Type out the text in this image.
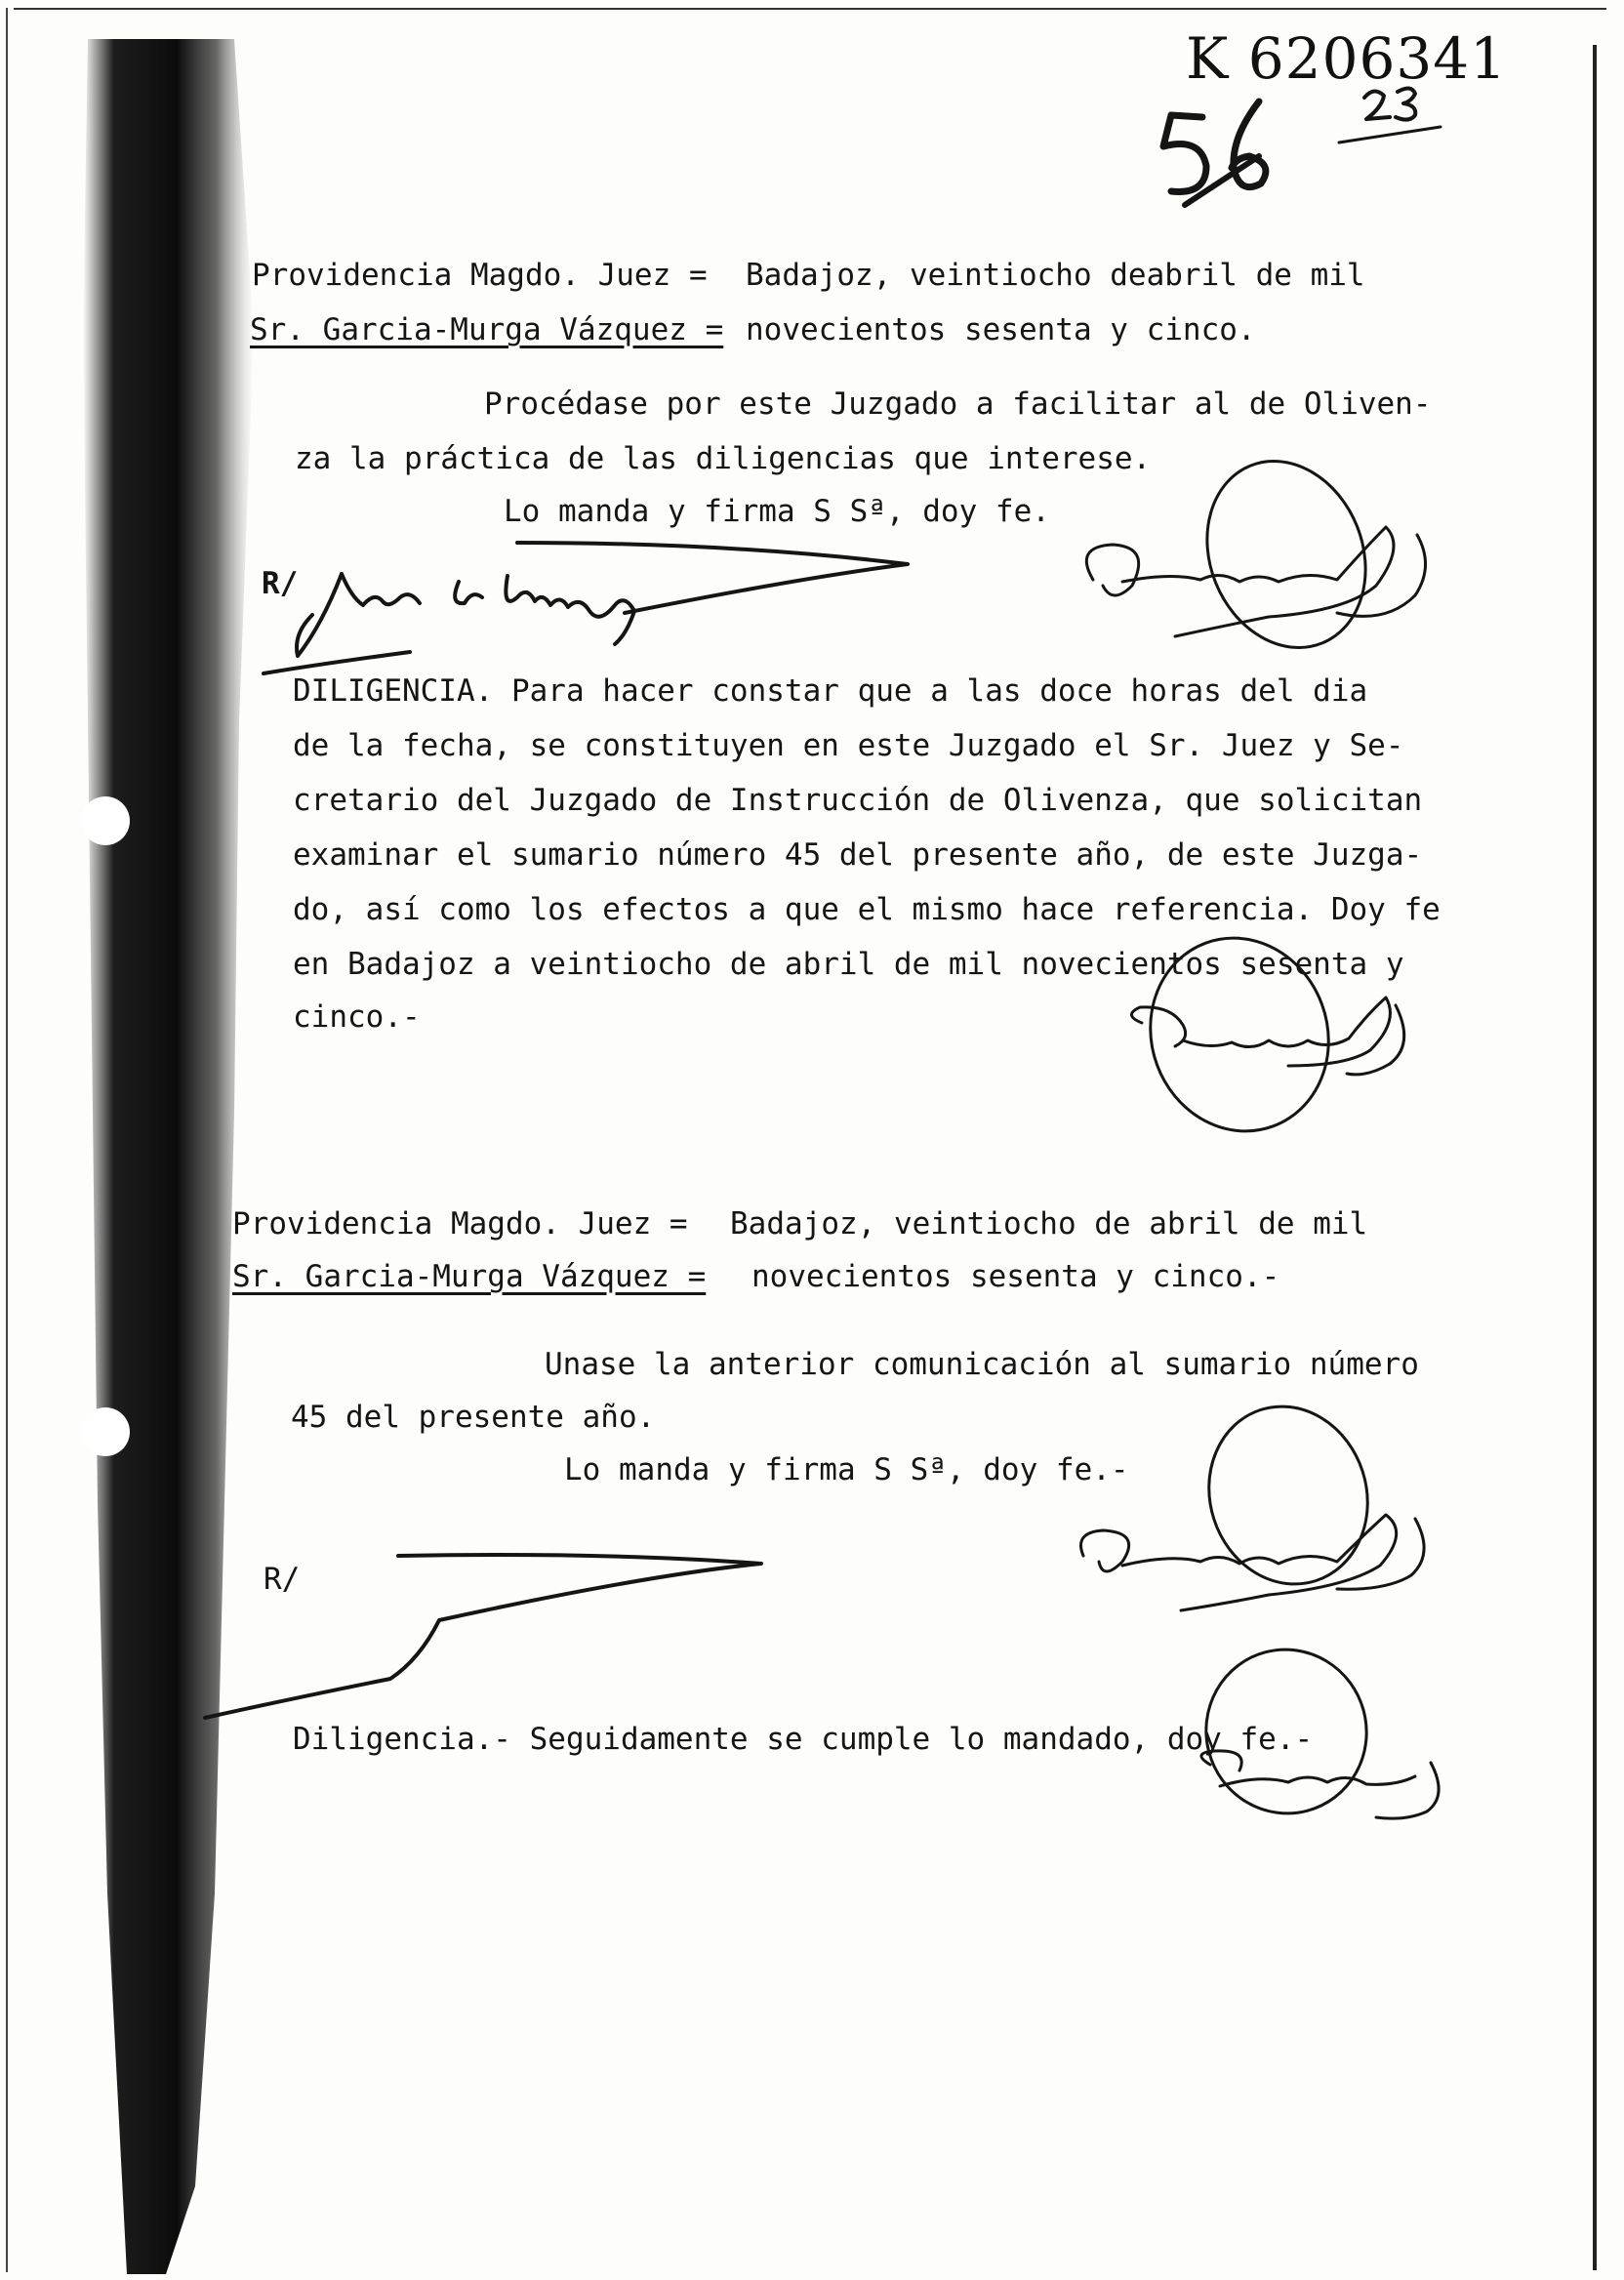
K 6206341
Providencia Magdo. Juez = Badajoz, veintiocho deabril de mil
Sr. Garcia-Murga Vázquez = novecientos sesenta y cinco.
Procédase por este Juzgado a facilitar al de Oliven-
za la práctica de las diligencias que interese.
Lo manda y firma S Sª, doy fe.
R/
DILIGENCIA. Para hacer constar que a las doce horas del dia
de la fecha, se constituyen en este Juzgado el Sr. Juez y Se-
cretario del Juzgado de Instrucción de Olivenza, que solicitan
examinar el sumario número 45 del presente año, de este Juzga-
do, así como los efectos a que el mismo hace referencia. Doy fe
en Badajoz a veintiocho de abril de mil novecientos sesenta y
cinco.-
Providencia Magdo. Juez = Badajoz, veintiocho de abril de mil
Sr. Garcia-Murga Vázquez = novecientos sesenta y cinco.-
Unase la anterior comunicación al sumario número
45 del presente año.
Lo manda y firma S Sª, doy fe.-
R/
Diligencia.- Seguidamente se cumple lo mandado, doy fe.-
